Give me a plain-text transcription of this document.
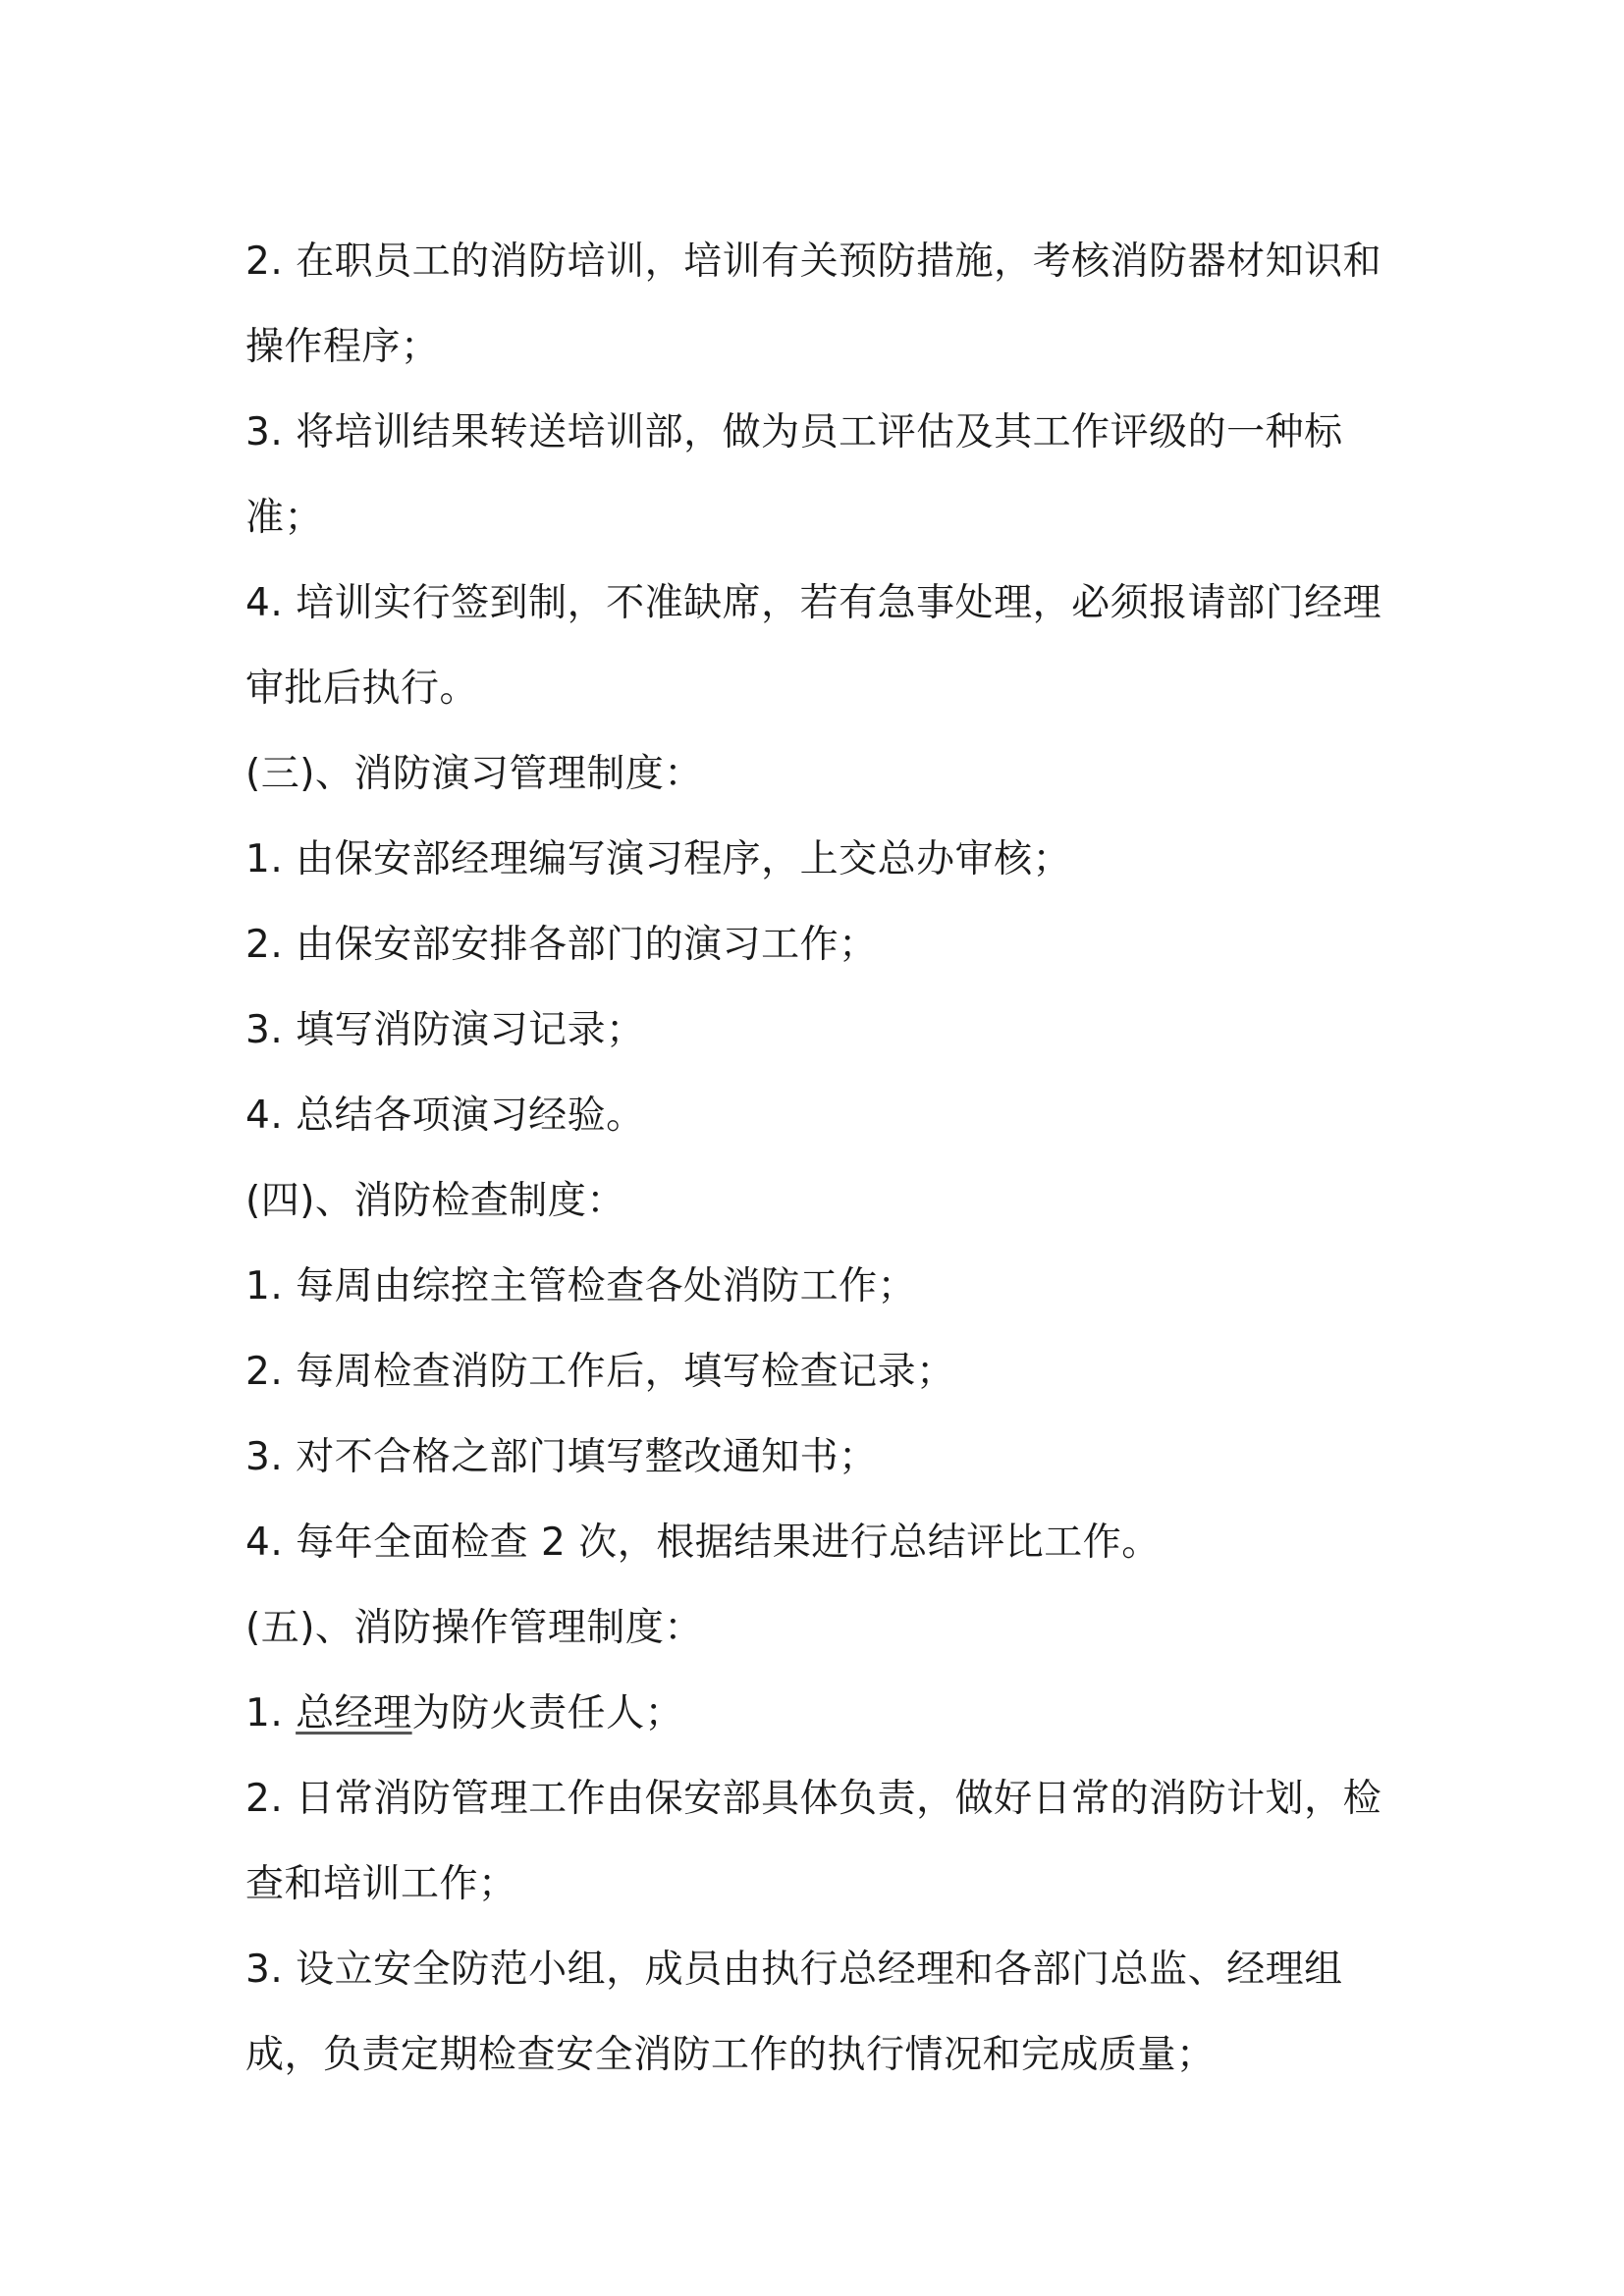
2. 在职员工的消防培训，培训有关预防措施，考核消防器材知识和操作程序；

3. 将培训结果转送培训部，做为员工评估及其工作评级的一种标准；

4. 培训实行签到制，不准缺席，若有急事处理，必须报请部门经理审批后执行。

(三)、消防演习管理制度：

1. 由保安部经理编写演习程序，上交总办审核；

2. 由保安部安排各部门的演习工作；

3. 填写消防演习记录；

4. 总结各项演习经验。

(四)、消防检查制度：

1. 每周由综控主管检查各处消防工作；

2. 每周检查消防工作后，填写检查记录；

3. 对不合格之部门填写整改通知书；

4. 每年全面检查 2 次，根据结果进行总结评比工作。

(五)、消防操作管理制度：

1. 总经理为防火责任人；

2. 日常消防管理工作由保安部具体负责，做好日常的消防计划，检查和培训工作；

3. 设立安全防范小组，成员由执行总经理和各部门总监、经理组成，负责定期检查安全消防工作的执行情况和完成质量；
